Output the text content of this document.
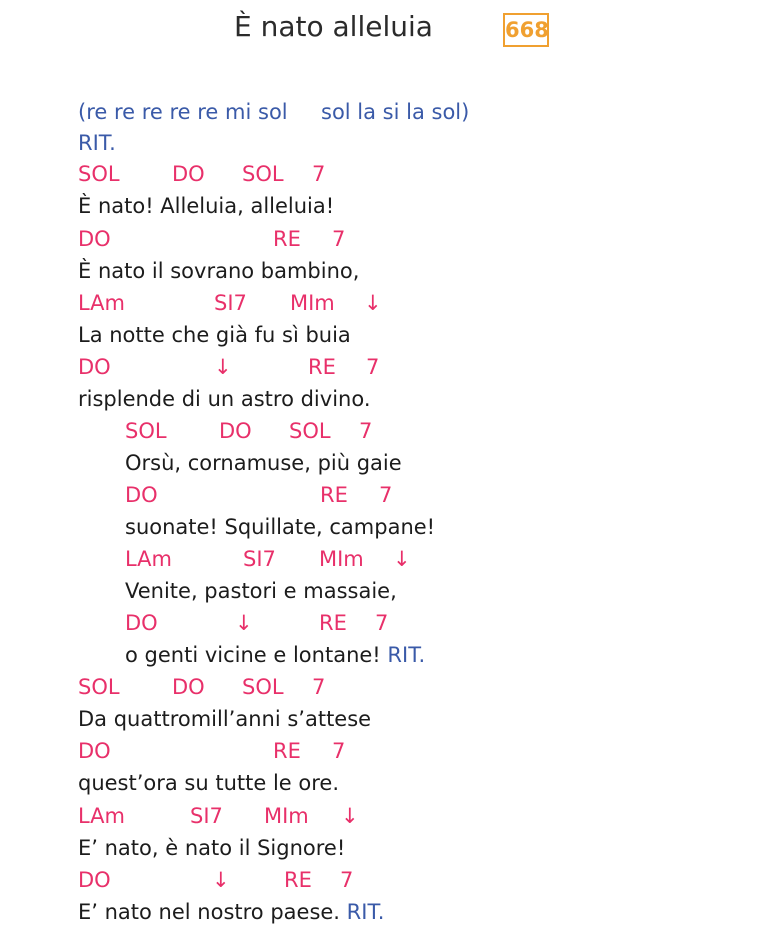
È nato alleluia	668
(re re re re re mi sol sol la si la sol)
RIT.
SOL DO SOL 7
È nato! Alleluia, alleluia!
DO	RE 7
È nato il sovrano bambino,
LAm	SI7 MIm ↓
La notte che già fu sì buia
DO	↓	RE 7
risplende di un astro divino.
SOL DO SOL 7
Orsù, cornamuse, più gaie
DO	RE 7
suonate! Squillate, campane!
LAm	SI7 MIm ↓
Venite, pastori e massaie,
DO	↓	RE 7
o genti vicine e lontane! RIT.
SOL DO SOL 7
Da quattromill’anni s’attese
DO	RE 7
quest’ora su tutte le ore.
LAm	SI7 MIm ↓
E’ nato, è nato il Signore!
DO	↓	RE 7
E’ nato nel nostro paese. RIT.
